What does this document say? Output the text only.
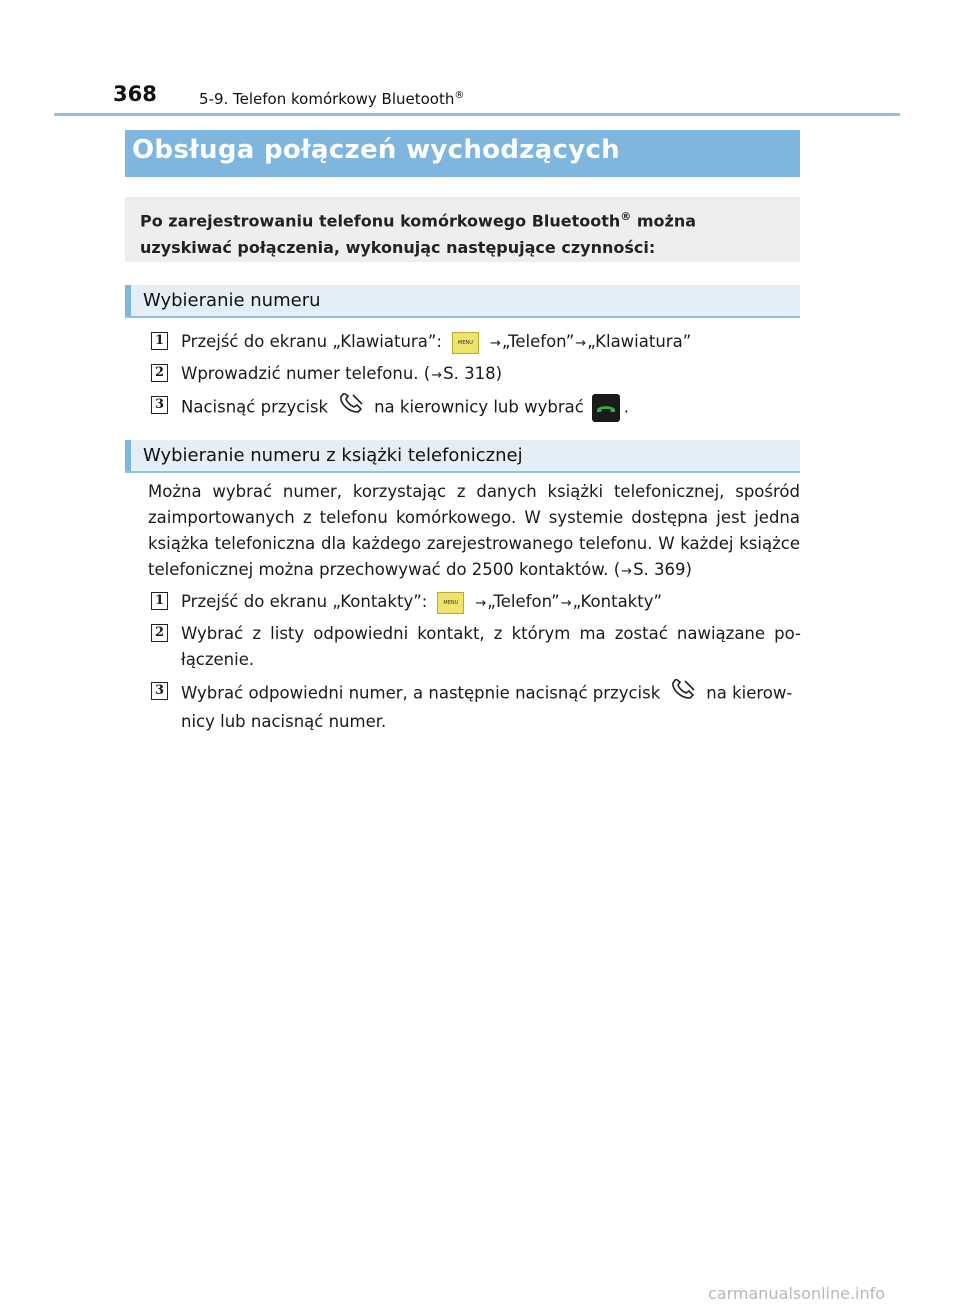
368	5-9. Telefon komórkowy Bluetooth®
Obsługa połączeń wychodzących
Po zarejestrowaniu telefonu komórkowego Bluetooth® można uzyskiwać połączenia, wykonując następujące czynności:
Wybieranie numeru
1 Przejść do ekranu „Klawiatura”:	MENU →„Telefon”→„Klawiatura”
2 Wprowadzić numer telefonu. (→S. 318)
3 Nacisnąć przycisk	na kierownicy lub wybrać .
Wybieranie numeru z książki telefonicznej
Można wybrać numer, korzystając z danych książki telefonicznej, spośród zaimportowanych z telefonu komórkowego. W systemie dostępna jest jedna książka telefoniczna dla każdego zarejestrowanego telefonu. W każdej książce telefonicznej można przechowywać do 2500 kontaktów. (→S. 369)
1 Przejść do ekranu „Kontakty”:	MENU →„Telefon”→„Kontakty”
2 Wybrać z listy odpowiedni kontakt, z którym ma zostać nawiązane po-łączenie.
3 Wybrać odpowiedni numer, a następnie nacisnąć przycisk	na kierow-nicy lub nacisnąć numer.
carmanualsonline.info
